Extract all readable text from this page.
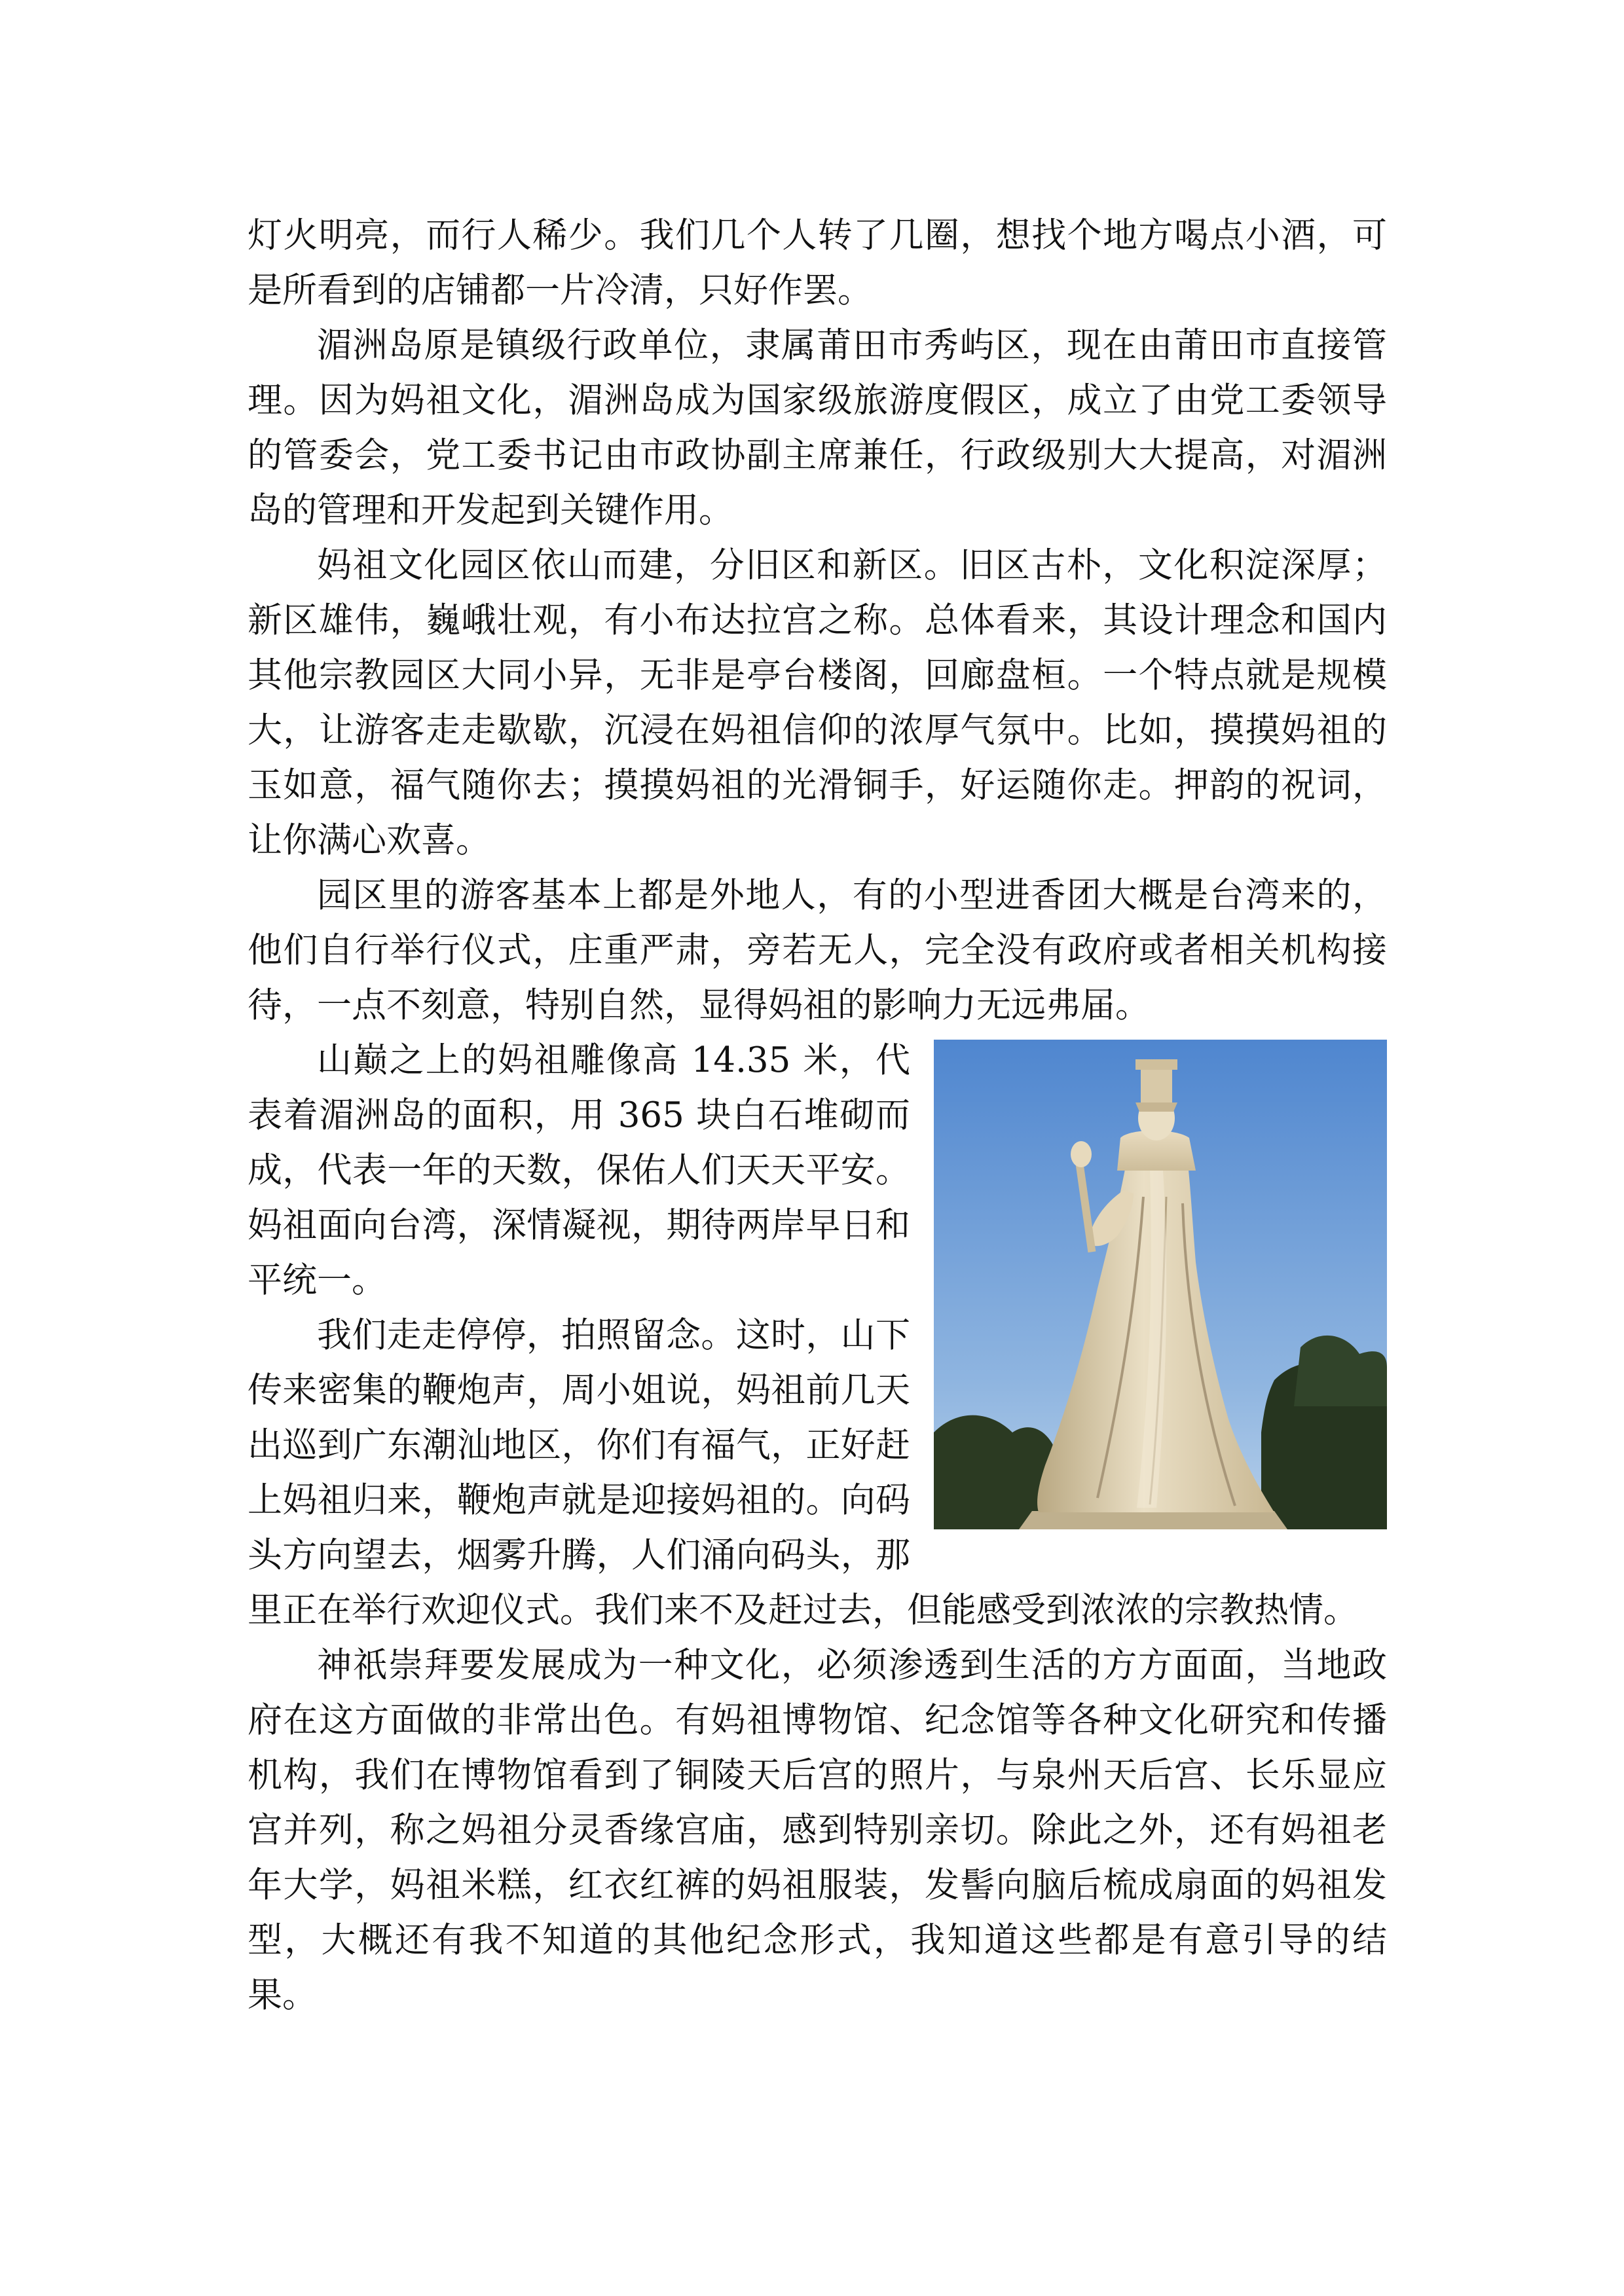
灯火明亮，而行人稀少。我们几个人转了几圈，想找个地方喝点小酒，可是所看到的店铺都一片冷清，只好作罢。

湄洲岛原是镇级行政单位，隶属莆田市秀屿区，现在由莆田市直接管理。因为妈祖文化，湄洲岛成为国家级旅游度假区，成立了由党工委领导的管委会，党工委书记由市政协副主席兼任，行政级别大大提高，对湄洲岛的管理和开发起到关键作用。

妈祖文化园区依山而建，分旧区和新区。旧区古朴，文化积淀深厚；新区雄伟，巍峨壮观，有小布达拉宫之称。总体看来，其设计理念和国内其他宗教园区大同小异，无非是亭台楼阁，回廊盘桓。一个特点就是规模大，让游客走走歇歇，沉浸在妈祖信仰的浓厚气氛中。比如，摸摸妈祖的玉如意，福气随你去；摸摸妈祖的光滑铜手，好运随你走。押韵的祝词，让你满心欢喜。

园区里的游客基本上都是外地人，有的小型进香团大概是台湾来的，他们自行举行仪式，庄重严肃，旁若无人，完全没有政府或者相关机构接待，一点不刻意，特别自然，显得妈祖的影响力无远弗届。

山巅之上的妈祖雕像高 14.35 米，代表着湄洲岛的面积，用 365 块白石堆砌而成，代表一年的天数，保佑人们天天平安。妈祖面向台湾，深情凝视，期待两岸早日和平统一。

我们走走停停，拍照留念。这时，山下传来密集的鞭炮声，周小姐说，妈祖前几天出巡到广东潮汕地区，你们有福气，正好赶上妈祖归来，鞭炮声就是迎接妈祖的。向码头方向望去，烟雾升腾，人们涌向码头，那里正在举行欢迎仪式。我们来不及赶过去，但能感受到浓浓的宗教热情。

神祇崇拜要发展成为一种文化，必须渗透到生活的方方面面，当地政府在这方面做的非常出色。有妈祖博物馆、纪念馆等各种文化研究和传播机构，我们在博物馆看到了铜陵天后宫的照片，与泉州天后宫、长乐显应宫并列，称之妈祖分灵香缘宫庙，感到特别亲切。除此之外，还有妈祖老年大学，妈祖米糕，红衣红裤的妈祖服装，发髻向脑后梳成扇面的妈祖发型，大概还有我不知道的其他纪念形式，我知道这些都是有意引导的结果。
